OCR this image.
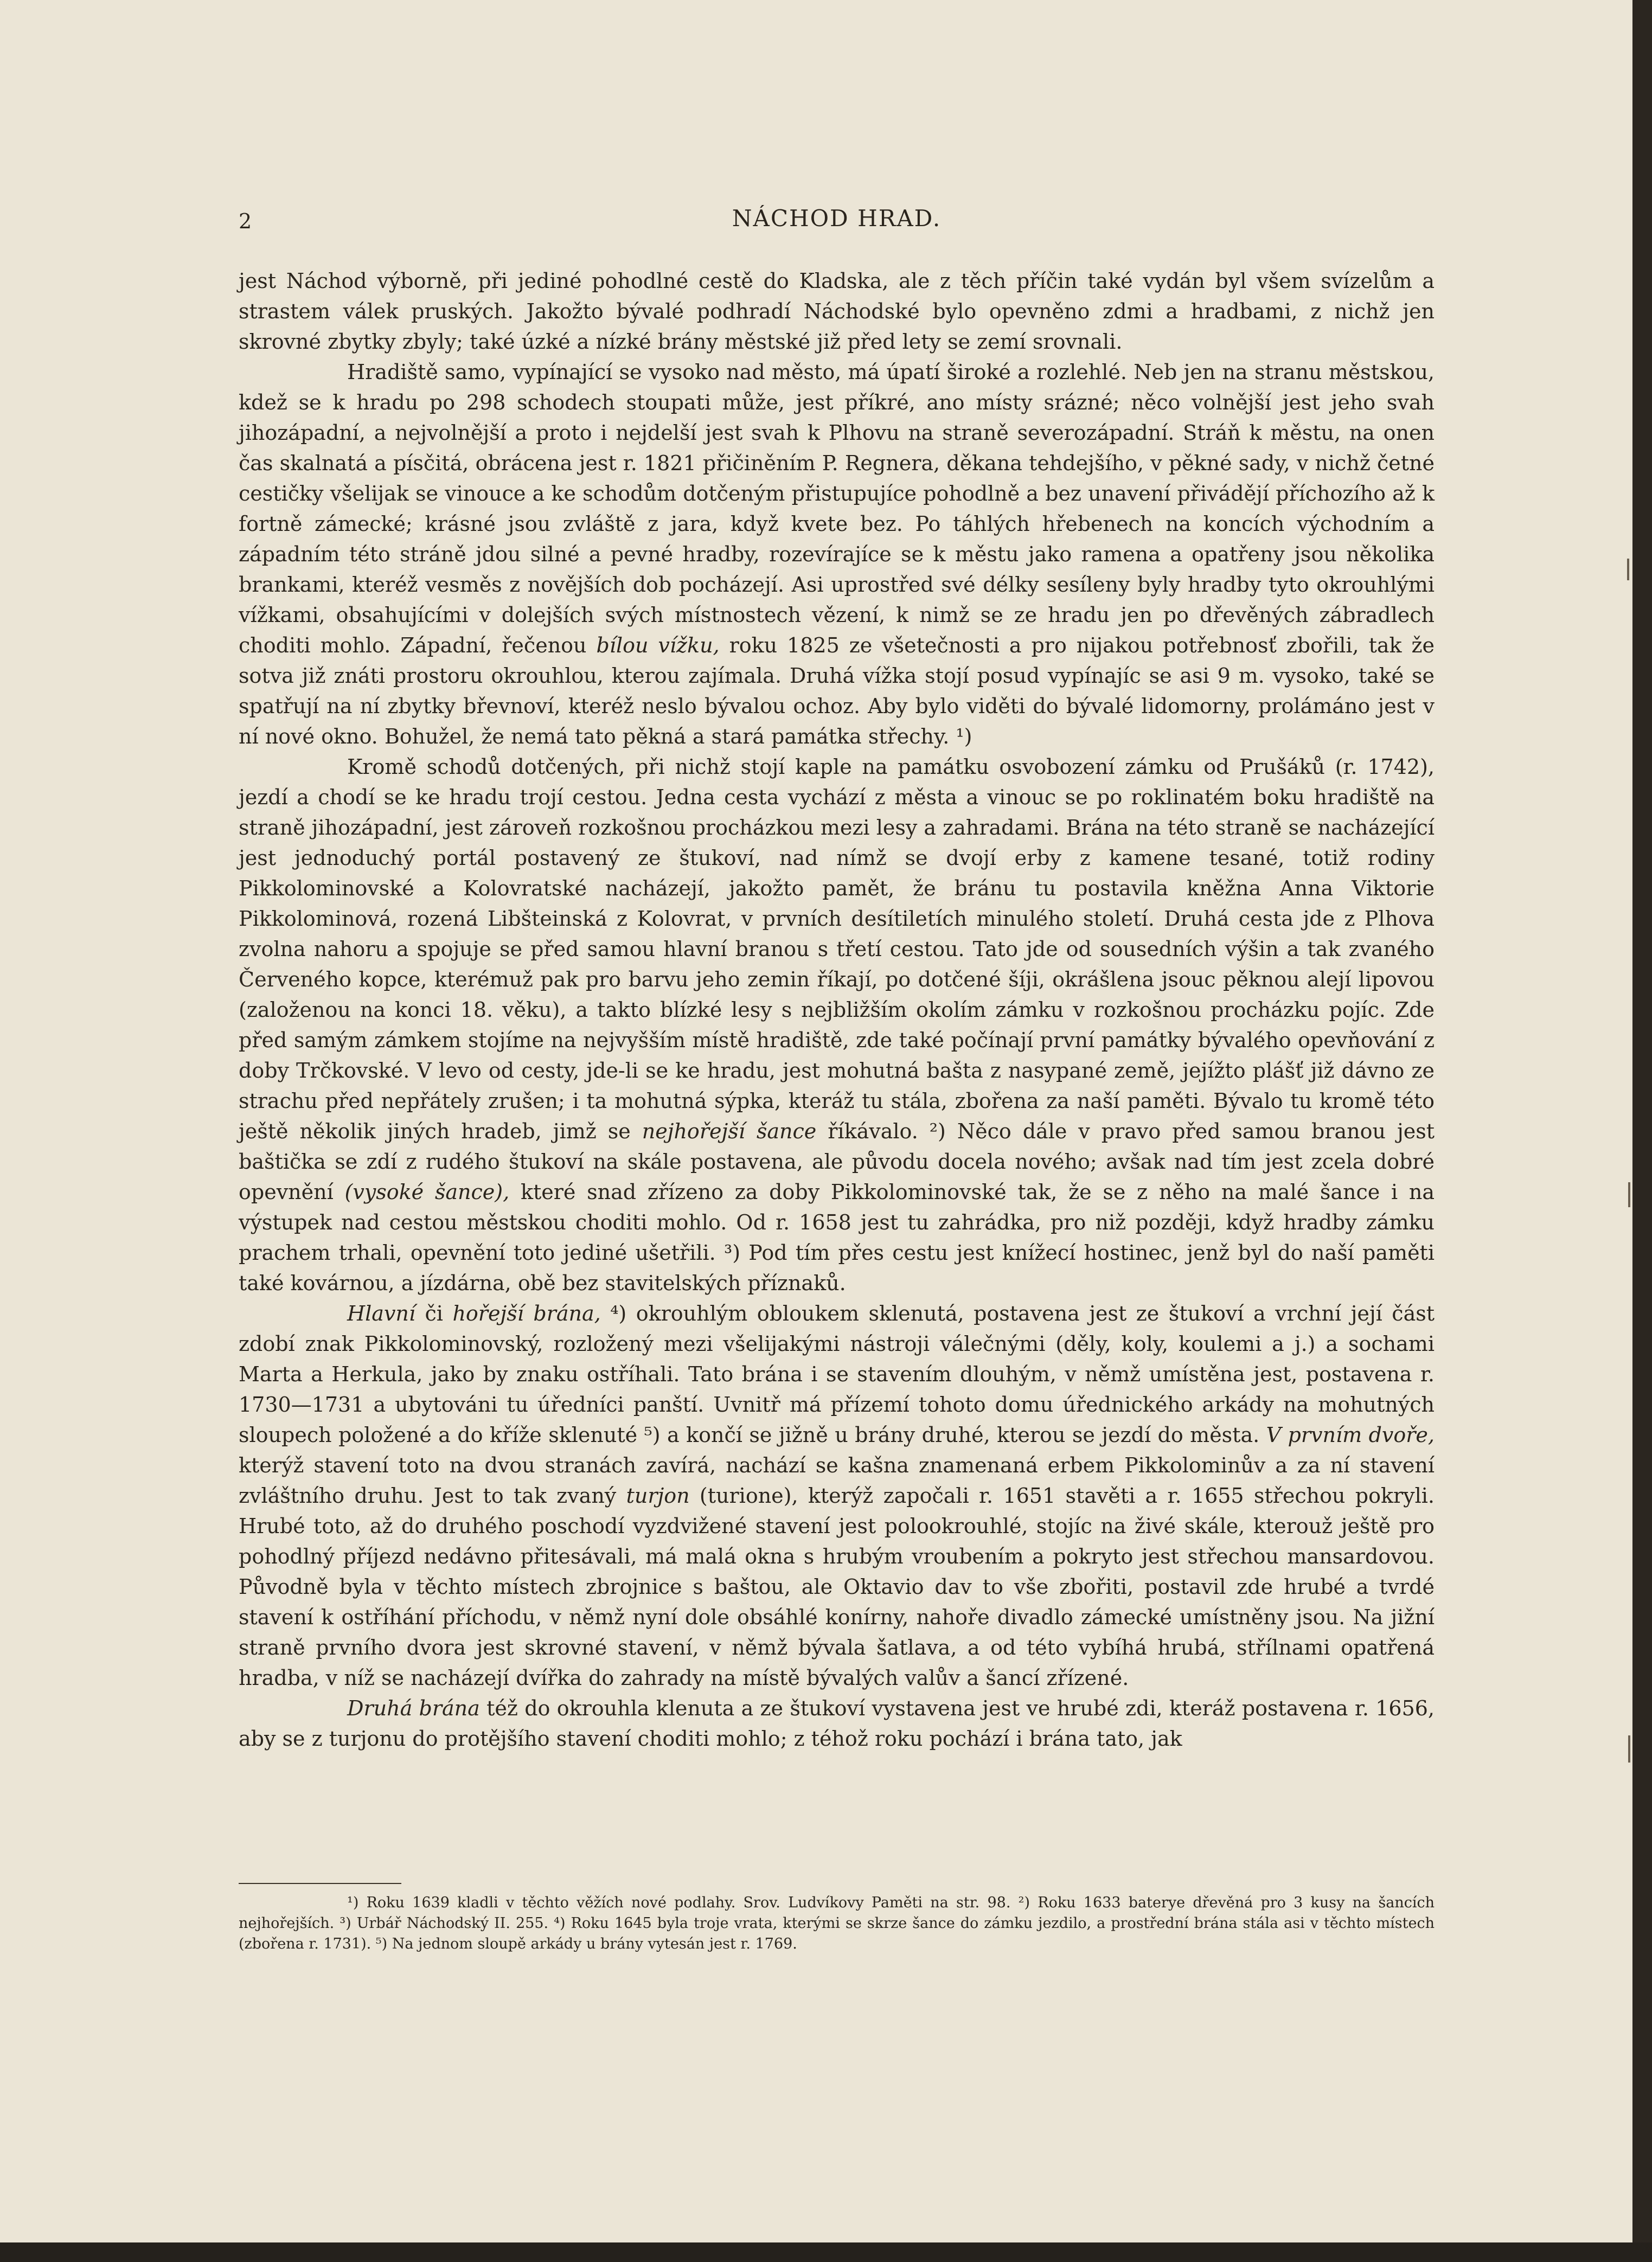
2	NÁCHOD HRAD.

jest Náchod výborně, při jediné pohodlné cestě do Kladska, ale z těch příčin také vydán byl všem svízelům a strastem válek pruských. Jakožto bývalé podhradí Náchodské bylo opevněno zdmi a hradbami, z nichž jen skrovné zbytky zbyly; také úzké a nízké brány městské již před lety se zemí srovnali.

Hradiště samo, vypínající se vysoko nad město, má úpatí široké a rozlehlé. Neb jen na stranu městskou, kdež se k hradu po 298 schodech stoupati může, jest příkré, ano místy srázné; něco volnější jest jeho svah jihozápadní, a nejvolnější a proto i nejdelší jest svah k Plhovu na straně severozápadní. Stráň k městu, na onen čas skalnatá a písčitá, obrácena jest r. 1821 přičiněním P. Regnera, děkana tehdejšího, v pěkné sady, v nichž četné cestičky všelijak se vinouce a ke schodům dotčeným přistupujíce pohodlně a bez unavení přivádějí příchozího až k fortně zámecké; krásné jsou zvláště z jara, když kvete bez. Po táhlých hřebenech na koncích východním a západním této stráně jdou silné a pevné hradby, rozevírajíce se k městu jako ramena a opatřeny jsou několika brankami, kteréž vesměs z novějších dob pocházejí. Asi uprostřed své délky sesíleny byly hradby tyto okrouhlými vížkami, obsahujícími v dolejších svých místnostech vězení, k nimž se ze hradu jen po dřevěných zábradlech choditi mohlo. Západní, řečenou bílou vížku, roku 1825 ze všetečnosti a pro nijakou potřebnosť zbořili, tak že sotva již znáti prostoru okrouhlou, kterou zajímala. Druhá vížka stojí posud vypínajíc se asi 9 m. vysoko, také se spatřují na ní zbytky břevnoví, kteréž neslo bývalou ochoz. Aby bylo viděti do bývalé lidomorny, prolámáno jest v ní nové okno. Bohužel, že nemá tato pěkná a stará památka střechy. ¹)

Kromě schodů dotčených, při nichž stojí kaple na památku osvobození zámku od Prušáků (r. 1742), jezdí a chodí se ke hradu trojí cestou. Jedna cesta vychází z města a vinouc se po roklinatém boku hradiště na straně jihozápadní, jest zároveň rozkošnou procházkou mezi lesy a zahradami. Brána na této straně se nacházející jest jednoduchý portál postavený ze štukoví, nad nímž se dvojí erby z kamene tesané, totiž rodiny Pikkolominovské a Kolovratské nacházejí, jakožto pamět, že bránu tu postavila kněžna Anna Viktorie Pikkolominová, rozená Libšteinská z Kolovrat, v prvních desítiletích minulého století. Druhá cesta jde z Plhova zvolna nahoru a spojuje se před samou hlavní branou s třetí cestou. Tato jde od sousedních výšin a tak zvaného Červeného kopce, kterémuž pak pro barvu jeho zemin říkají, po dotčené šíji, okrášlena jsouc pěknou alejí lipovou (založenou na konci 18. věku), a takto blízké lesy s nejbližším okolím zámku v rozkošnou procházku pojíc. Zde před samým zámkem stojíme na nejvyšším místě hradiště, zde také počínají první památky bývalého opevňování z doby Trčkovské. V levo od cesty, jde-li se ke hradu, jest mohutná bašta z nasypané země, jejížto plášť již dávno ze strachu před nepřátely zrušen; i ta mohutná sýpka, kteráž tu stála, zbořena za naší paměti. Bývalo tu kromě této ještě několik jiných hradeb, jimž se nejhořejší šance říkávalo. ²) Něco dále v pravo před samou branou jest baštička se zdí z rudého štukoví na skále postavena, ale původu docela nového; avšak nad tím jest zcela dobré opevnění (vysoké šance), které snad zřízeno za doby Pikkolominovské tak, že se z něho na malé šance i na výstupek nad cestou městskou choditi mohlo. Od r. 1658 jest tu zahrádka, pro niž později, když hradby zámku prachem trhali, opevnění toto jediné ušetřili. ³) Pod tím přes cestu jest knížecí hostinec, jenž byl do naší paměti také kovárnou, a jízdárna, obě bez stavitelských příznaků.

Hlavní či hořejší brána, ⁴) okrouhlým obloukem sklenutá, postavena jest ze štukoví a vrchní její část zdobí znak Pikkolominovský, rozložený mezi všelijakými nástroji válečnými (děly, koly, koulemi a j.) a sochami Marta a Herkula, jako by znaku ostříhali. Tato brána i se stavením dlouhým, v němž umístěna jest, postavena r. 1730—1731 a ubytováni tu úředníci panští. Uvnitř má přízemí tohoto domu úřednického arkády na mohutných sloupech položené a do kříže sklenuté ⁵) a končí se jižně u brány druhé, kterou se jezdí do města. V prvním dvoře, kterýž stavení toto na dvou stranách zavírá, nachází se kašna znamenaná erbem Pikkolominův a za ní stavení zvláštního druhu. Jest to tak zvaný turjon (turione), kterýž započali r. 1651 stavěti a r. 1655 střechou pokryli. Hrubé toto, až do druhého poschodí vyzdvižené stavení jest polookrouhlé, stojíc na živé skále, kterouž ještě pro pohodlný příjezd nedávno přitesávali, má malá okna s hrubým vroubením a pokryto jest střechou mansardovou. Původně byla v těchto místech zbrojnice s baštou, ale Oktavio dav to vše zbořiti, postavil zde hrubé a tvrdé stavení k ostříhání příchodu, v němž nyní dole obsáhlé konírny, nahoře divadlo zámecké umístněny jsou. Na jižní straně prvního dvora jest skrovné stavení, v němž bývala šatlava, a od této vybíhá hrubá, střílnami opatřená hradba, v níž se nacházejí dvířka do zahrady na místě bývalých valův a šancí zřízené.

Druhá brána též do okrouhla klenuta a ze štukoví vystavena jest ve hrubé zdi, kteráž postavena r. 1656, aby se z turjonu do protějšího stavení choditi mohlo; z téhož roku pochází i brána tato, jak

¹) Roku 1639 kladli v těchto věžích nové podlahy. Srov. Ludvíkovy Paměti na str. 98. ²) Roku 1633 baterye dřevěná pro 3 kusy na šancích nejhořejších. ³) Urbář Náchodský II. 255. ⁴) Roku 1645 byla troje vrata, kterými se skrze šance do zámku jezdilo, a prostřední brána stála asi v těchto místech (zbořena r. 1731). ⁵) Na jednom sloupě arkády u brány vytesán jest r. 1769.
